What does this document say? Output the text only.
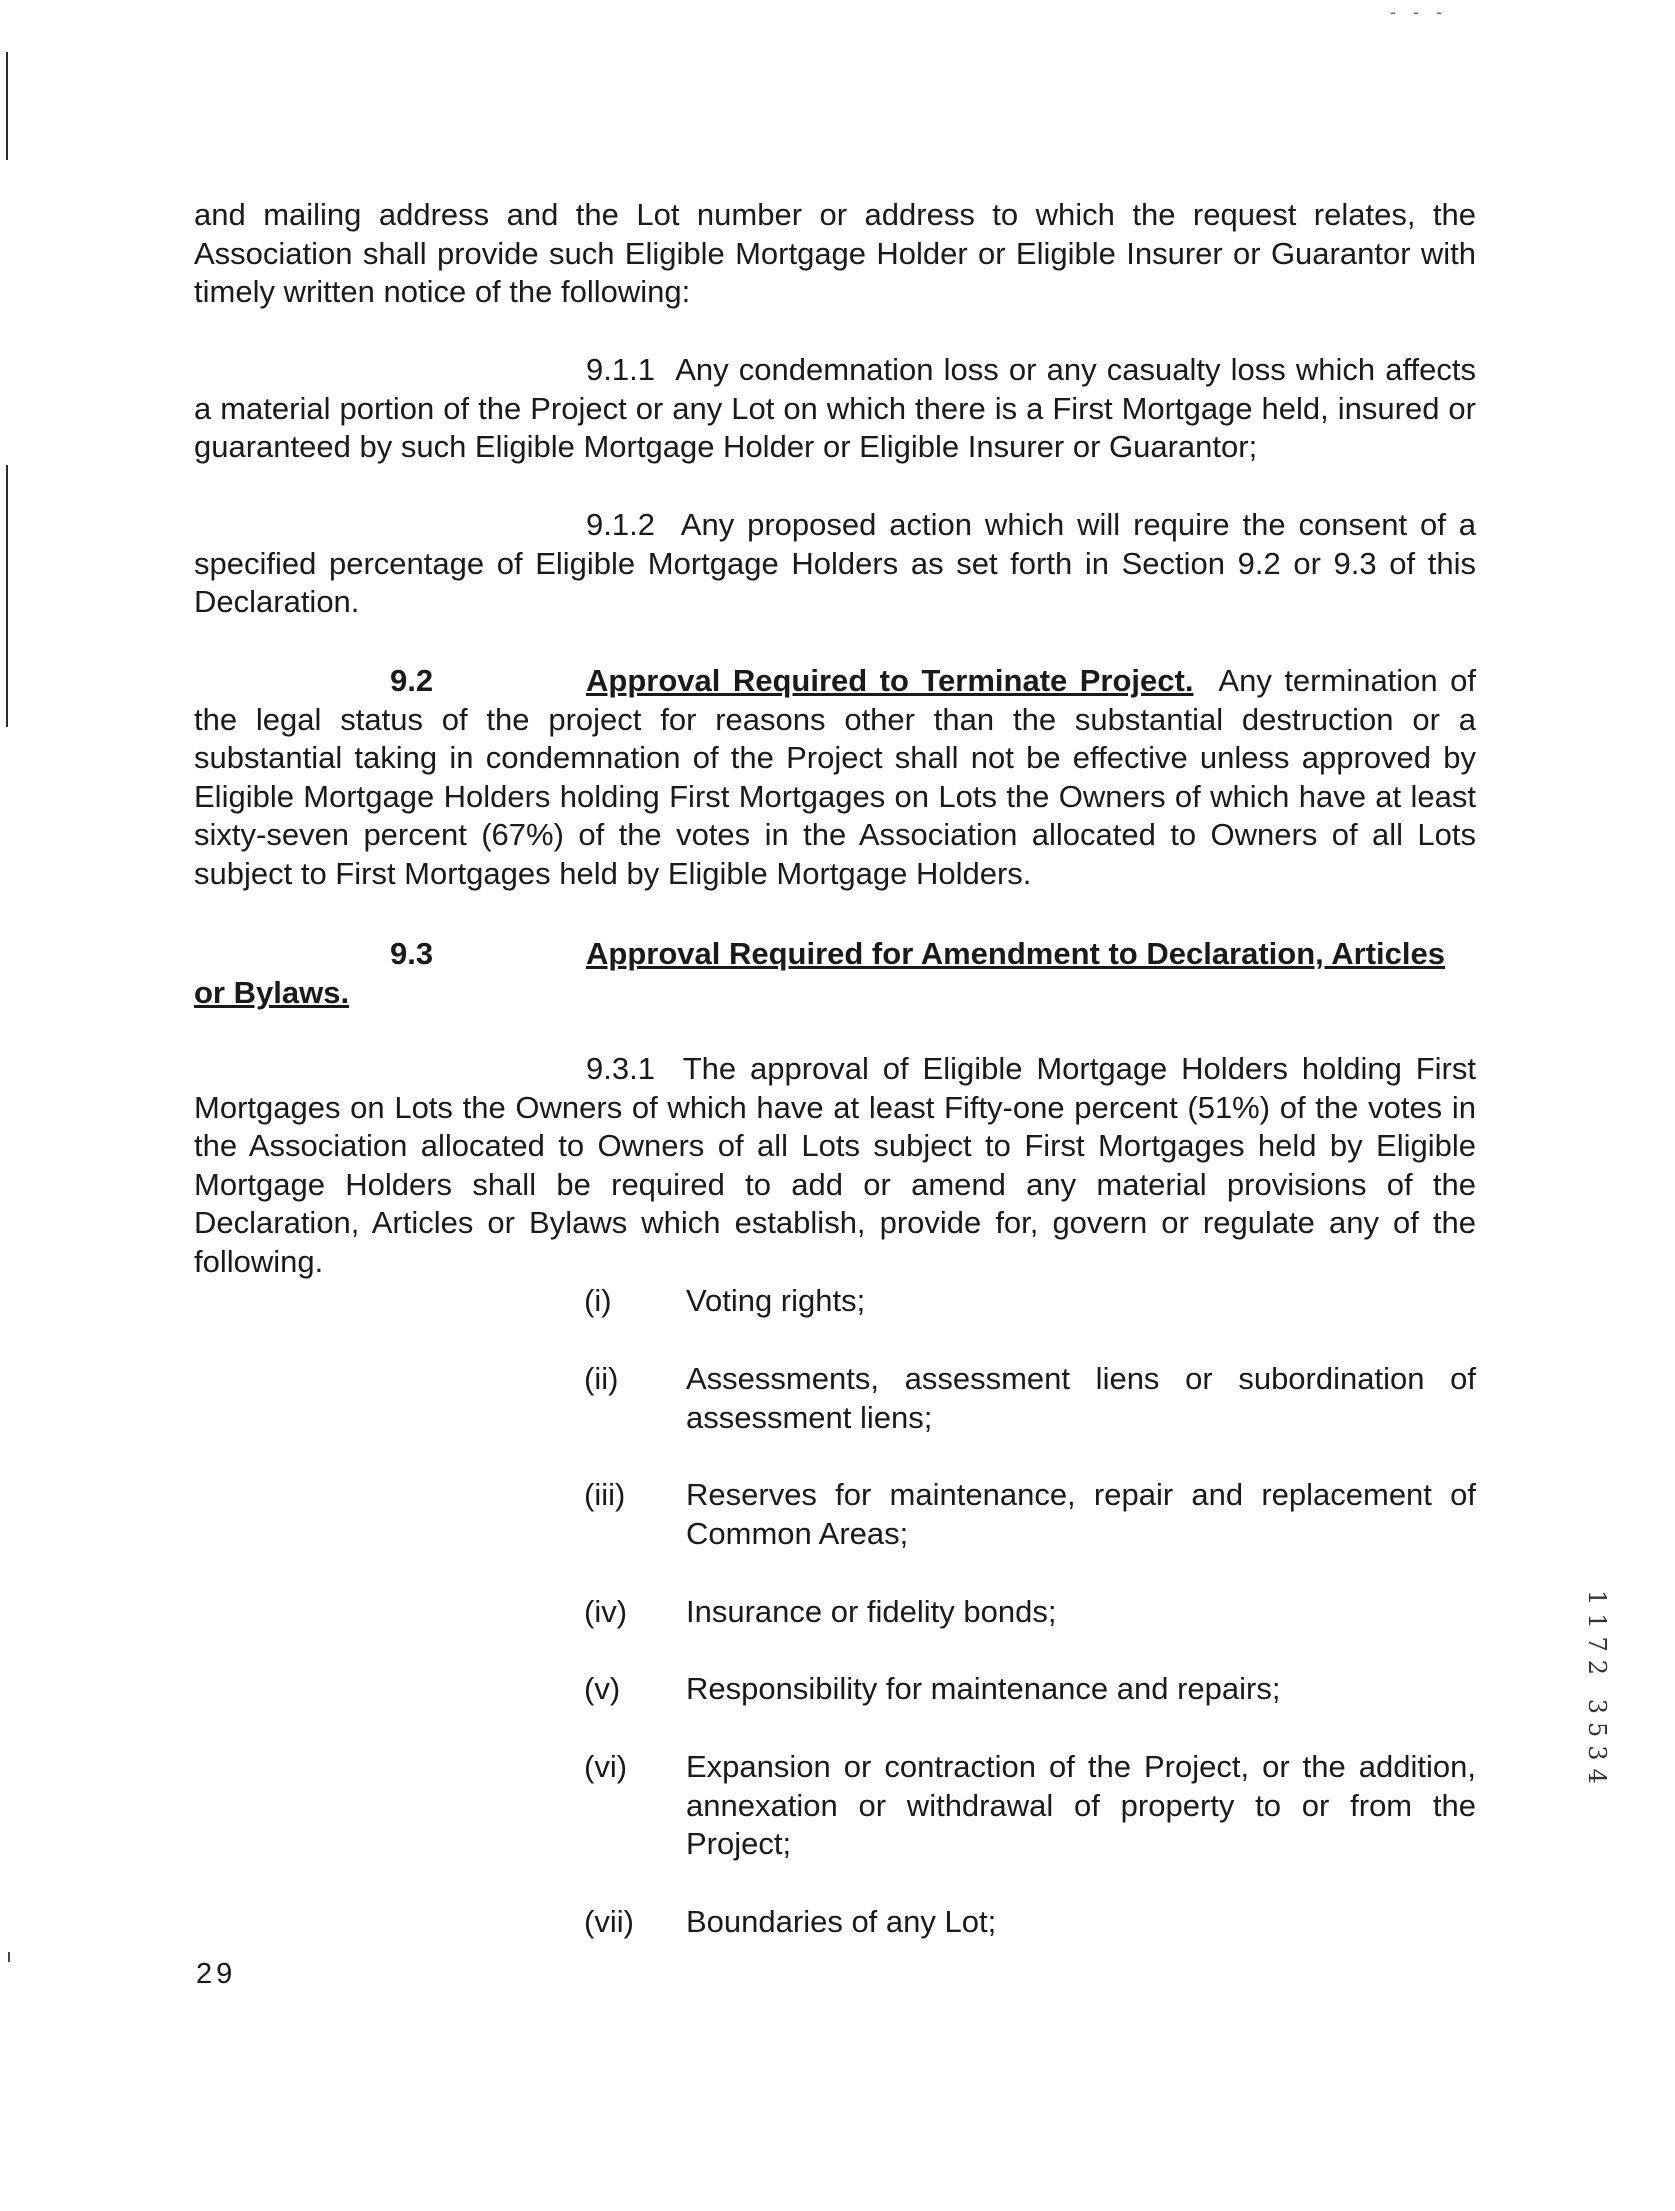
- - -

and mailing address and the Lot number or address to which the request relates, the Association shall provide such Eligible Mortgage Holder or Eligible Insurer or Guarantor with timely written notice of the following:

9.1.1 Any condemnation loss or any casualty loss which affects a material portion of the Project or any Lot on which there is a First Mortgage held, insured or guaranteed by such Eligible Mortgage Holder or Eligible Insurer or Guarantor;

9.1.2 Any proposed action which will require the consent of a specified percentage of Eligible Mortgage Holders as set forth in Section 9.2 or 9.3 of this Declaration.

9.2	Approval Required to Terminate Project. Any termination of the legal status of the project for reasons other than the substantial destruction or a substantial taking in condemnation of the Project shall not be effective unless approved by Eligible Mortgage Holders holding First Mortgages on Lots the Owners of which have at least sixty-seven percent (67%) of the votes in the Association allocated to Owners of all Lots subject to First Mortgages held by Eligible Mortgage Holders.

9.3	Approval Required for Amendment to Declaration, Articles
or Bylaws.

9.3.1 The approval of Eligible Mortgage Holders holding First Mortgages on Lots the Owners of which have at least Fifty-one percent (51%) of the votes in the Association allocated to Owners of all Lots subject to First Mortgages held by Eligible Mortgage Holders shall be required to add or amend any material provisions of the Declaration, Articles or Bylaws which establish, provide for, govern or regulate any of the following.

(i) Voting rights;
(ii) Assessments, assessment liens or subordination of assessment liens;
(iii) Reserves for maintenance, repair and replacement of Common Areas;
(iv) Insurance or fidelity bonds;
(v) Responsibility for maintenance and repairs;
(vi) Expansion or contraction of the Project, or the addition, annexation or withdrawal of property to or from the Project;
(vii) Boundaries of any Lot;
29
1172 3534
